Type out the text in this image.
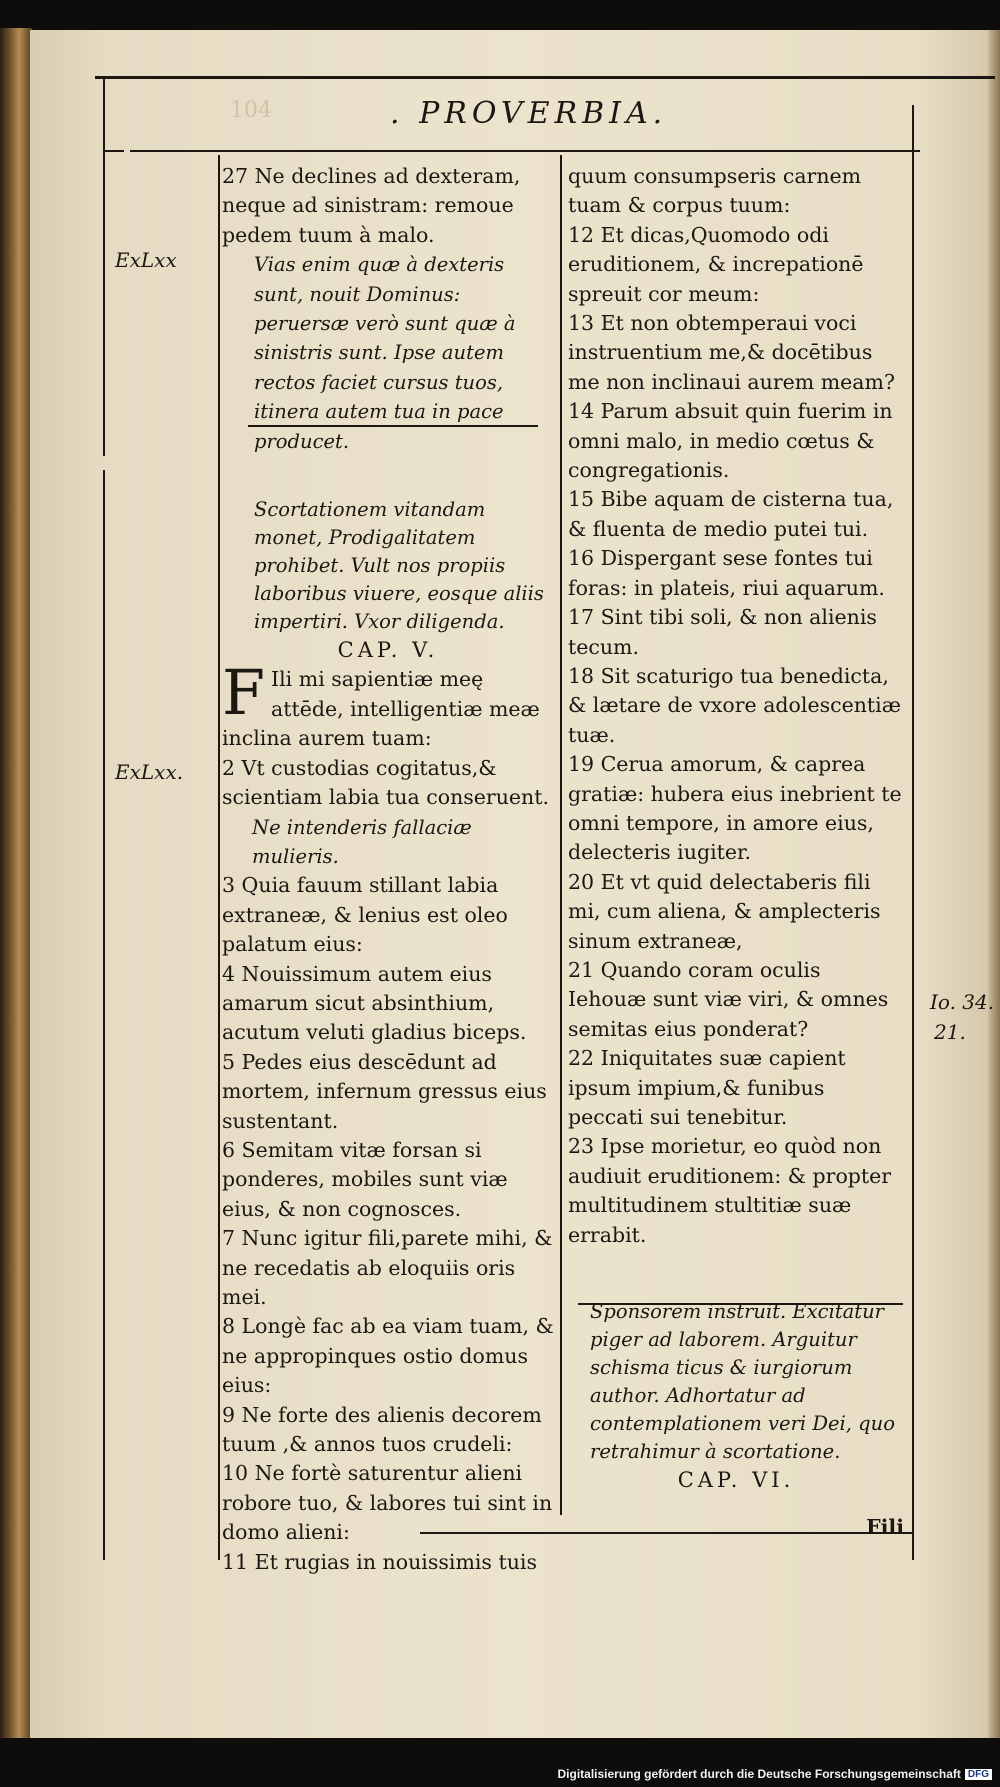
104	. PROVERBIA.
ExLxx
ExLxx.
Io. 34.
21.

27 Ne declines ad dexteram, neque ad sinistram: remoue pedem tuum à malo.

Vias enim quæ à dexteris sunt, nouit Dominus: peruersæ verò sunt quæ à sinistris sunt. Ipse autem rectos faciet cursus tuos, itinera autem tua in pace producet.

Scortationem vitandam monet, Prodigalitatem prohibet. Vult nos propiis laboribus viuere, eosque aliis impertiri. Vxor diligenda.

CAP. V.

F Ili mi sapientiæ meę attēde, intelligentiæ meæ inclina aurem tuam:

2 Vt custodias cogitatus,& scientiam labia tua conseruent.

Ne intenderis fallaciæ mulieris.

3 Quia fauum stillant labia extraneæ, & lenius est oleo palatum eius:

4 Nouissimum autem eius amarum sicut absinthium, acutum veluti gladius biceps.

5 Pedes eius descēdunt ad mortem, infernum gressus eius sustentant.

6 Semitam vitæ forsan si ponderes, mobiles sunt viæ eius, & non cognosces.

7 Nunc igitur fili,parete mihi, & ne recedatis ab eloquiis oris mei.

8 Longè fac ab ea viam tuam, & ne appropinques ostio domus eius:

9 Ne forte des alienis decorem tuum ,& annos tuos crudeli:

10 Ne fortè saturentur alieni robore tuo, & labores tui sint in domo alieni:

11 Et rugias in nouissimis tuis

quum consumpseris carnem tuam & corpus tuum:

12 Et dicas,Quomodo odi eruditionem, & increpationē spreuit cor meum:

13 Et non obtemperaui voci instruentium me,& docētibus me non inclinaui aurem meam?

14 Parum absuit quin fuerim in omni malo, in medio cœtus & congregationis.

15 Bibe aquam de cisterna tua, & fluenta de medio putei tui.

16 Dispergant sese fontes tui foras: in plateis, riui aquarum.

17 Sint tibi soli, & non alienis tecum.

18 Sit scaturigo tua benedicta, & lætare de vxore adolescentiæ tuæ.

19 Cerua amorum, & caprea gratiæ: hubera eius inebrient te omni tempore, in amore eius, delecteris iugiter.

20 Et vt quid delectaberis fili mi, cum aliena, & amplecteris sinum extraneæ,

21 Quando coram oculis Iehouæ sunt viæ viri, & omnes semitas eius ponderat?

22 Iniquitates suæ capient ipsum impium,& funibus peccati sui tenebitur.

23 Ipse morietur, eo quòd non audiuit eruditionem: & propter multitudinem stultitiæ suæ errabit.

Sponsorem instruit. Excitatur piger ad laborem. Arguitur schisma ticus & iurgiorum author. Adhortatur ad contemplationem veri Dei, quo retrahimur à scortatione.

CAP. VI.

Fili

Digitalisierung gefördert durch die Deutsche Forschungsgemeinschaft DFG
